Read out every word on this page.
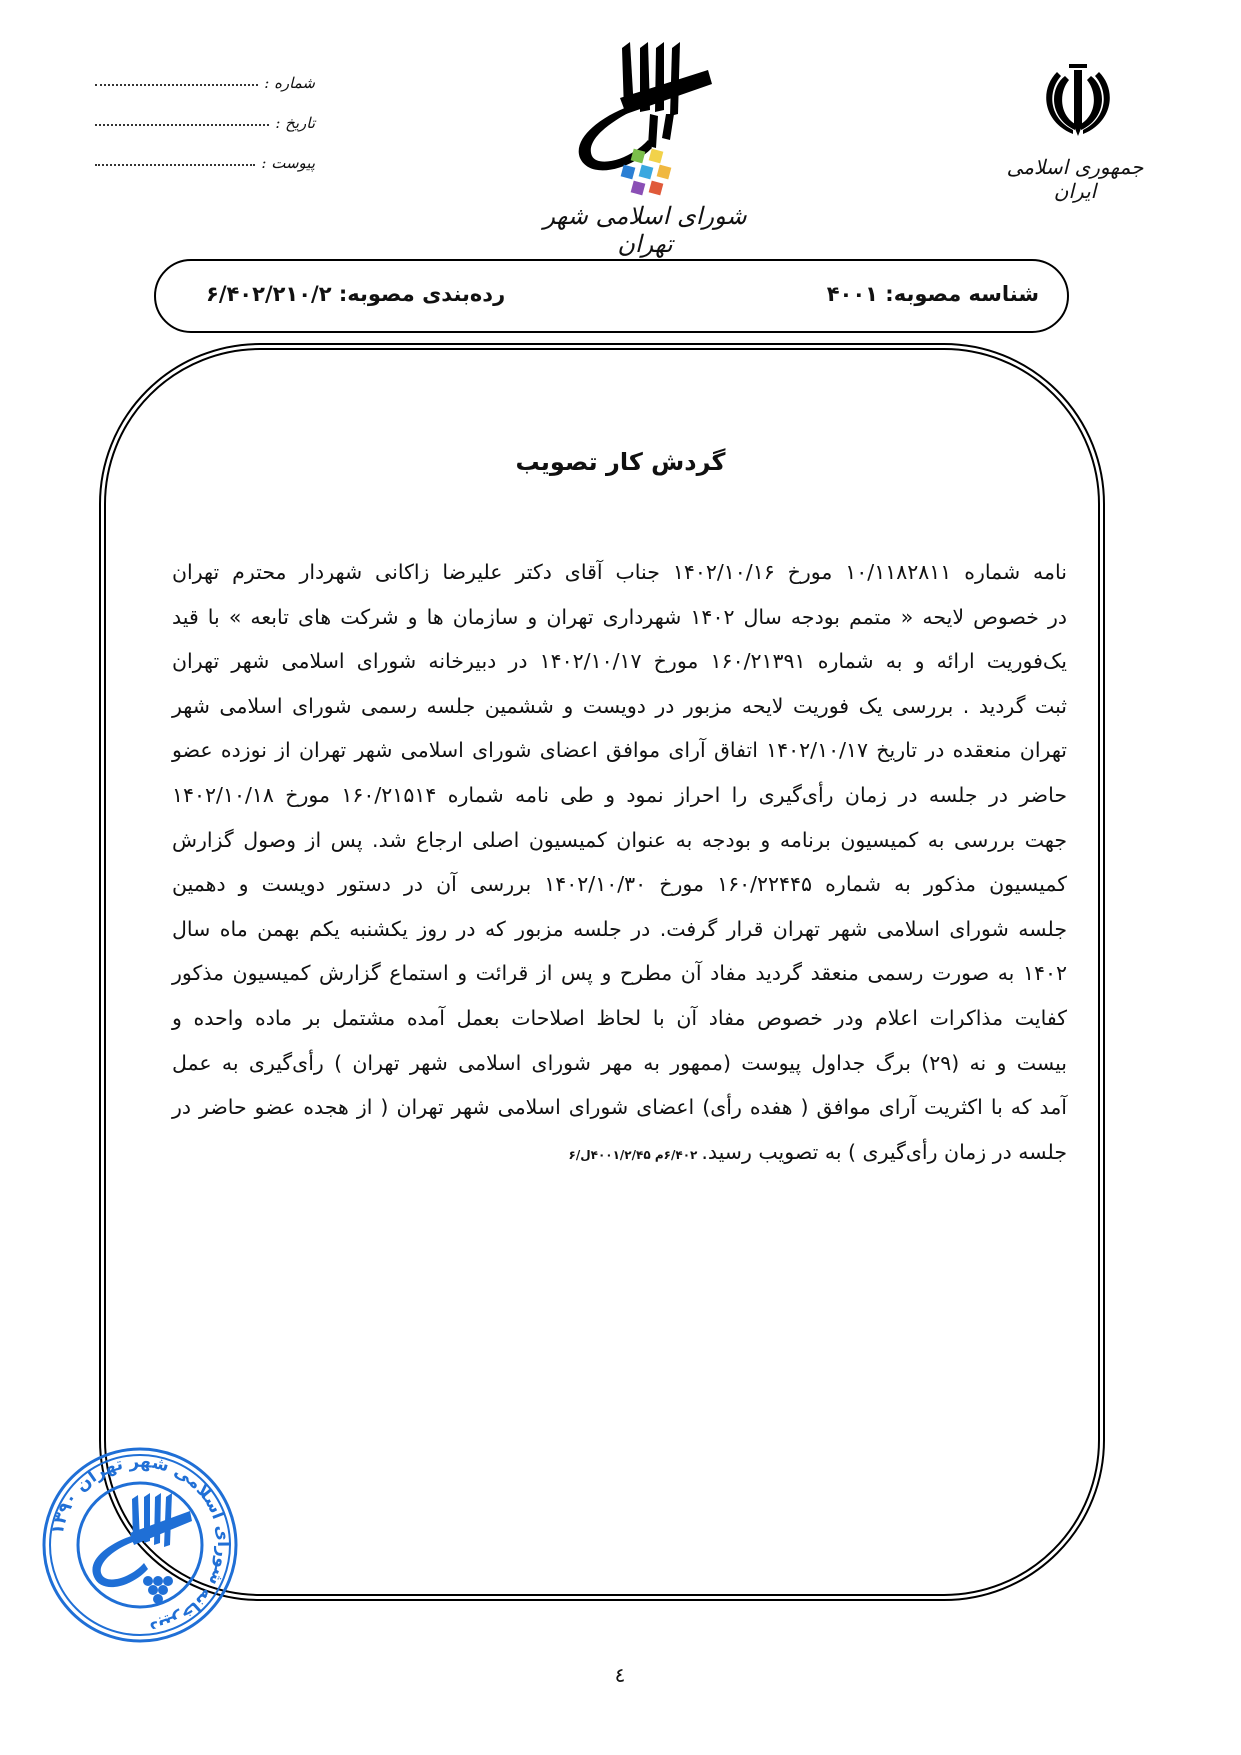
شماره :
تاریخ :
پیوست :
شورای اسلامی شهر تهران
جمهوری اسلامی ایران
شناسه مصوبه: ۴۰۰۱
رده‌بندی مصوبه: ۶/۴۰۲/۲۱۰/۲
گردش کار تصویب
نامه شماره ۱۰/۱۱۸۲۸۱۱ مورخ ۱۴۰۲/۱۰/۱۶ جناب آقای دکتر علیرضا زاکانی شهردار محترم تهران
در خصوص لایحه « متمم بودجه سال ۱۴۰۲ شهرداری تهران و سازمان ها و شرکت های تابعه » با قید
یک‌فوریت ارائه و به شماره ۱۶۰/۲۱۳۹۱ مورخ ۱۴۰۲/۱۰/۱۷ در دبیرخانه شورای اسلامی شهر تهران
ثبت گردید . بررسی یک فوریت لایحه مزبور در دویست و ششمین جلسه رسمی شورای اسلامی شهر
تهران منعقده در تاریخ ۱۴۰۲/۱۰/۱۷ اتفاق آرای موافق اعضای شورای اسلامی شهر تهران از نوزده عضو
حاضر در جلسه در زمان رأی‌گیری را احراز نمود و طی نامه شماره ۱۶۰/۲۱۵۱۴ مورخ ۱۴۰۲/۱۰/۱۸
جهت بررسی به کمیسیون برنامه و بودجه به عنوان کمیسیون اصلی ارجاع شد. پس از وصول گزارش
کمیسیون مذکور به شماره ۱۶۰/۲۲۴۴۵ مورخ ۱۴۰۲/۱۰/۳۰ بررسی آن در دستور دویست و دهمین
جلسه شورای اسلامی شهر تهران قرار گرفت. در جلسه مزبور که در روز یکشنبه یکم بهمن ماه سال
۱۴۰۲ به صورت رسمی منعقد گردید مفاد آن مطرح و پس از قرائت و استماع گزارش کمیسیون مذکور
کفایت مذاکرات اعلام ودر خصوص مفاد آن با لحاظ اصلاحات بعمل آمده مشتمل بر ماده واحده و
بیست و نه (۲۹) برگ جداول پیوست (ممهور به مهر شورای اسلامی شهر تهران ) رأی‌گیری به عمل
آمد که با اکثریت آرای موافق ( هفده رأی) اعضای شورای اسلامی شهر تهران ( از هجده عضو حاضر در
جلسه در زمان رأی‌گیری ) به تصویب رسید.۶/۴۰۲م ۴۰۰۱/۲/۴۵ل/۶
دبیرخانه شورای اسلامی شهر تهران ۱۳۹۰
٤
